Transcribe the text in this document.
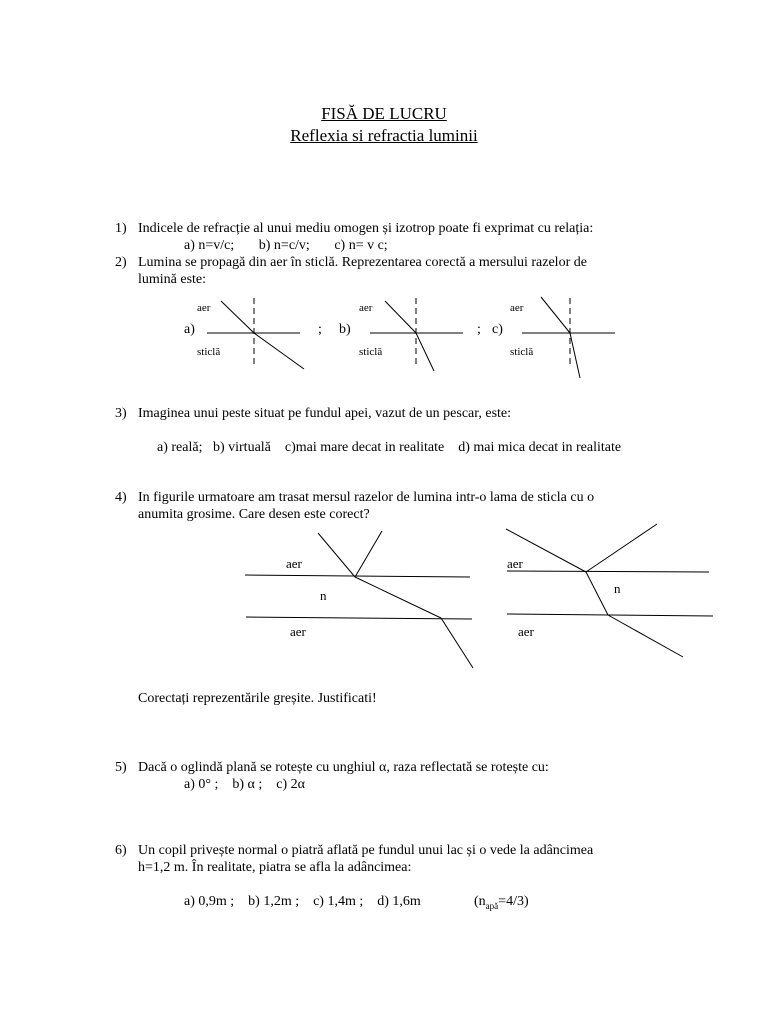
FISĂ DE LUCRU
Reflexia si refractia luminii
1) Indicele de refracție al unui mediu omogen și izotrop poate fi exprimat cu relația:
a) n=v/c;       b) n=c/v;       c) n= v c;
2) Lumina se propagă din aer în sticlă. Reprezentarea corectă a mersului razelor de
lumină este:
aer
a)
sticlă
;
aer
b)
sticlă
;
aer
c)
sticlă
3) Imaginea unui peste situat pe fundul apei, vazut de un pescar, este:
a) reală;   b) virtuală    c)mai mare decat in realitate    d) mai mica decat in realitate
4) In figurile urmatoare am trasat mersul razelor de lumina intr-o lama de sticla cu o
anumita grosime. Care desen este corect?
aer
n
aer
aer
n
aer
Corectați reprezentările greșite. Justificati!
5) Dacă o oglindă plană se rotește cu unghiul α, raza reflectată se rotește cu:
a) 0° ;    b) α ;    c) 2α
6) Un copil privește normal o piatră aflată pe fundul unui lac și o vede la adâncimea
h=1,2 m. În realitate, piatra se afla la adâncimea:
a) 0,9m ;    b) 1,2m ;    c) 1,4m ;    d) 1,6m	$(n_{apă}=4/3)$
